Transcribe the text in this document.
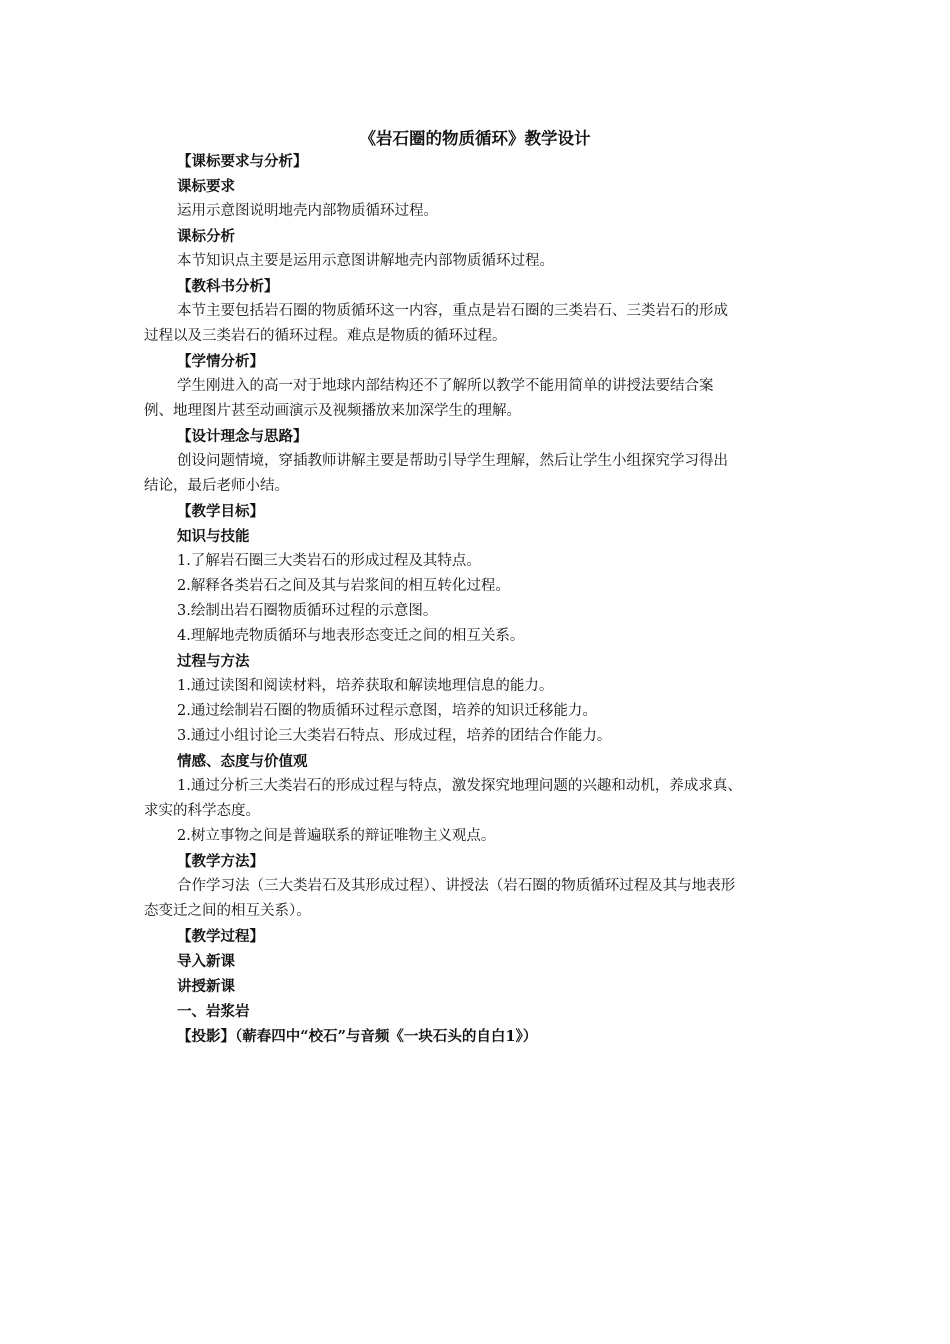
《岩石圈的物质循环》教学设计
【课标要求与分析】
课标要求
运用示意图说明地壳内部物质循环过程。
课标分析
本节知识点主要是运用示意图讲解地壳内部物质循环过程。
【教科书分析】
本节主要包括岩石圈的物质循环这一内容，重点是岩石圈的三类岩石、三类岩石的形成
过程以及三类岩石的循环过程。难点是物质的循环过程。
【学情分析】
学生刚进入的高一对于地球内部结构还不了解所以教学不能用简单的讲授法要结合案
例、地理图片甚至动画演示及视频播放来加深学生的理解。
【设计理念与思路】
创设问题情境，穿插教师讲解主要是帮助引导学生理解，然后让学生小组探究学习得出
结论，最后老师小结。
【教学目标】
知识与技能
1.了解岩石圈三大类岩石的形成过程及其特点。
2.解释各类岩石之间及其与岩浆间的相互转化过程。
3.绘制出岩石圈物质循环过程的示意图。
4.理解地壳物质循环与地表形态变迁之间的相互关系。
过程与方法
1.通过读图和阅读材料，培养获取和解读地理信息的能力。
2.通过绘制岩石圈的物质循环过程示意图，培养的知识迁移能力。
3.通过小组讨论三大类岩石特点、形成过程，培养的团结合作能力。
情感、态度与价值观
1.通过分析三大类岩石的形成过程与特点，激发探究地理问题的兴趣和动机，养成求真、
求实的科学态度。
2.树立事物之间是普遍联系的辩证唯物主义观点。
【教学方法】
合作学习法（三大类岩石及其形成过程）、讲授法（岩石圈的物质循环过程及其与地表形
态变迁之间的相互关系）。
【教学过程】
导入新课
讲授新课
一、岩浆岩
【投影】（蕲春四中“校石”与音频《一块石头的自白1》）
